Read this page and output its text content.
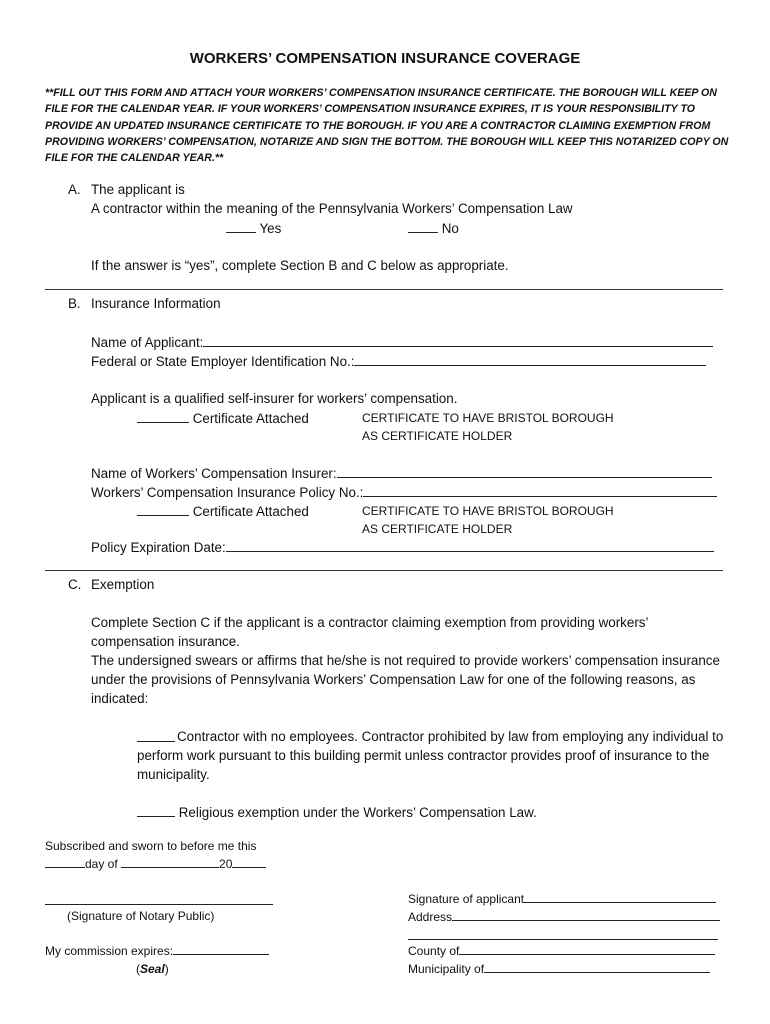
WORKERS’ COMPENSATION INSURANCE COVERAGE
**FILL OUT THIS FORM AND ATTACH YOUR WORKERS’ COMPENSATION INSURANCE CERTIFICATE. THE BOROUGH WILL KEEP ON FILE FOR THE CALENDAR YEAR. IF YOUR WORKERS’ COMPENSATION INSURANCE EXPIRES, IT IS YOUR RESPONSIBILITY TO PROVIDE AN UPDATED INSURANCE CERTIFICATE TO THE BOROUGH. IF YOU ARE A CONTRACTOR CLAIMING EXEMPTION FROM PROVIDING WORKERS’ COMPENSATION, NOTARIZE AND SIGN THE BOTTOM. THE BOROUGH WILL KEEP THIS NOTARIZED COPY ON FILE FOR THE CALENDAR YEAR.**
A. The applicant is
A contractor within the meaning of the Pennsylvania Workers’ Compensation Law
Yes	No
If the answer is “yes”, complete Section B and C below as appropriate.
B. Insurance Information
Name of Applicant:
Federal or State Employer Identification No.:
Applicant is a qualified self-insurer for workers’ compensation.
Certificate Attached	CERTIFICATE TO HAVE BRISTOL BOROUGH
AS CERTIFICATE HOLDER
Name of Workers’ Compensation Insurer:
Workers’ Compensation Insurance Policy No.:
Certificate Attached	CERTIFICATE TO HAVE BRISTOL BOROUGH
AS CERTIFICATE HOLDER
Policy Expiration Date:
C. Exemption
Complete Section C if the applicant is a contractor claiming exemption from providing workers’ compensation insurance.
The undersigned swears or affirms that he/she is not required to provide workers’ compensation insurance under the provisions of Pennsylvania Workers’ Compensation Law for one of the following reasons, as indicated:
Contractor with no employees. Contractor prohibited by law from employing any individual to perform work pursuant to this building permit unless contractor provides proof of insurance to the municipality.
Religious exemption under the Workers’ Compensation Law.
Subscribed and sworn to before me this
day of	20
(Signature of Notary Public)
My commission expires:
(Seal)
Signature of applicant
Address
County of
Municipality of
